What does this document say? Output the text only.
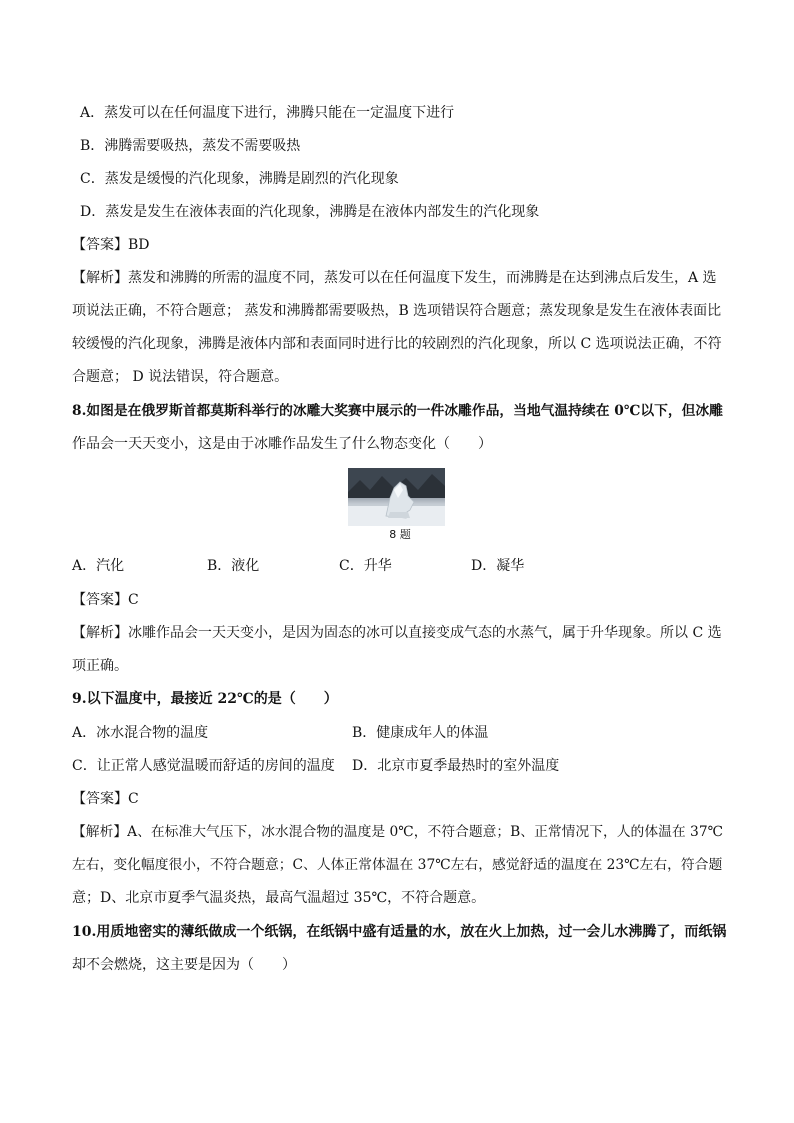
A．蒸发可以在任何温度下进行，沸腾只能在一定温度下进行
B．沸腾需要吸热，蒸发不需要吸热
C．蒸发是缓慢的汽化现象，沸腾是剧烈的汽化现象
D．蒸发是发生在液体表面的汽化现象，沸腾是在液体内部发生的汽化现象
【答案】BD
【解析】蒸发和沸腾的所需的温度不同，蒸发可以在任何温度下发生，而沸腾是在达到沸点后发生，A 选
项说法正确，不符合题意； 蒸发和沸腾都需要吸热，B 选项错误符合题意；蒸发现象是发生在液体表面比
较缓慢的汽化现象，沸腾是液体内部和表面同时进行比的较剧烈的汽化现象，所以 C 选项说法正确，不符
合题意； D 说法错误，符合题意。
8.如图是在俄罗斯首都莫斯科举行的冰雕大奖赛中展示的一件冰雕作品，当地气温持续在 0℃以下，但冰雕
作品会一天天变小，这是由于冰雕作品发生了什么物态变化（　　）
8 题
A．汽化	B．液化	C．升华	D．凝华
【答案】C
【解析】冰雕作品会一天天变小，是因为固态的冰可以直接变成气态的水蒸气，属于升华现象。所以 C 选
项正确。
9.以下温度中，最接近 22℃的是（　　）
A．冰水混合物的温度	B．健康成年人的体温
C．让正常人感觉温暖而舒适的房间的温度 D．北京市夏季最热时的室外温度
【答案】C
【解析】A、在标准大气压下，冰水混合物的温度是 0℃，不符合题意；B、正常情况下，人的体温在 37℃
左右，变化幅度很小，不符合题意；C、人体正常体温在 37℃左右，感觉舒适的温度在 23℃左右，符合题
意；D、北京市夏季气温炎热，最高气温超过 35℃，不符合题意。
10.用质地密实的薄纸做成一个纸锅，在纸锅中盛有适量的水，放在火上加热，过一会儿水沸腾了，而纸锅
却不会燃烧，这主要是因为（　　）
